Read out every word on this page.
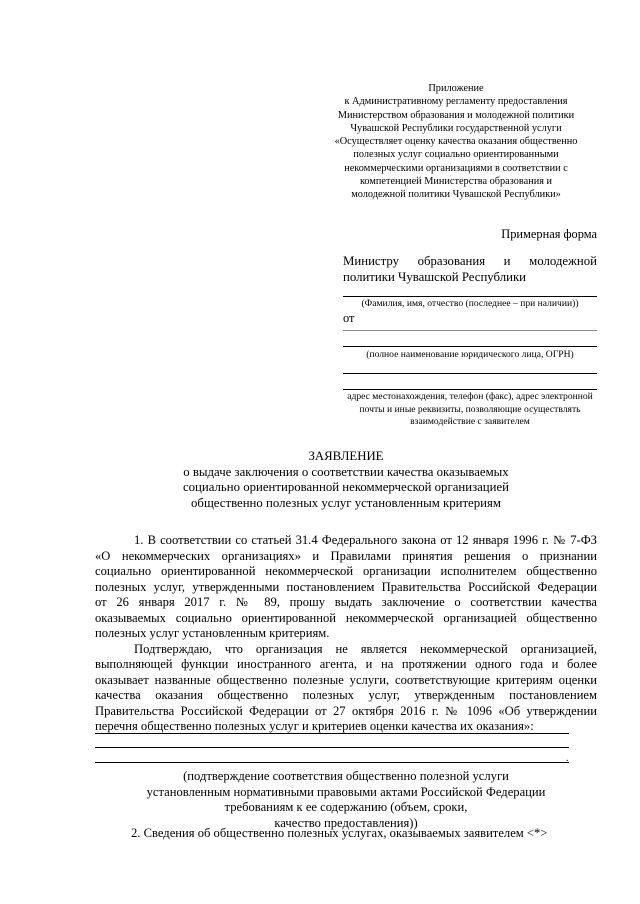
Приложение
к Административному регламенту предоставления
Министерством образования и молодежной политики
Чувашской Республики государственной услуги
«Осуществляет оценку качества оказания общественно
полезных услуг социально ориентированными
некоммерческими организациями в соответствии с
компетенцией Министерства образования и
молодежной политики Чувашской Республики»
Примерная форма
Министру образования и молодежной
политики Чувашской Республики
(Фамилия, имя, отчество (последнее – при наличии))
от
(полное наименование юридического лица, ОГРН)
адрес местонахождения, телефон (факс), адрес электронной
почты и иные реквизиты, позволяющие осуществлять
взаимодействие с заявителем
ЗАЯВЛЕНИЕ
о выдаче заключения о соответствии качества оказываемых
социально ориентированной некоммерческой организацией
общественно полезных услуг установленным критериям
1. В соответствии со статьей 31.4 Федерального закона от 12 января 1996 г. № 7-ФЗ
«О некоммерческих организациях» и Правилами принятия решения о признании
социально ориентированной некоммерческой организации исполнителем общественно
полезных услуг, утвержденными постановлением Правительства Российской Федерации
от 26 января 2017 г. № 89, прошу выдать заключение о соответствии качества
оказываемых социально ориентированной некоммерческой организацией общественно
полезных услуг установленным критериям.
Подтверждаю, что организация не является некоммерческой организацией,
выполняющей функции иностранного агента, и на протяжении одного года и более
оказывает названные общественно полезные услуги, соответствующие критериям оценки
качества оказания общественно полезных услуг, утвержденным постановлением
Правительства Российской Федерации от 27 октября 2016 г. № 1096 «Об утверждении
перечня общественно полезных услуг и критериев оценки качества их оказания»:
.
(подтверждение соответствия общественно полезной услуги
установленным нормативными правовыми актами Российской Федерации
требованиям к ее содержанию (объем, сроки,
качество предоставления))
2. Сведения об общественно полезных услугах, оказываемых заявителем <*>
